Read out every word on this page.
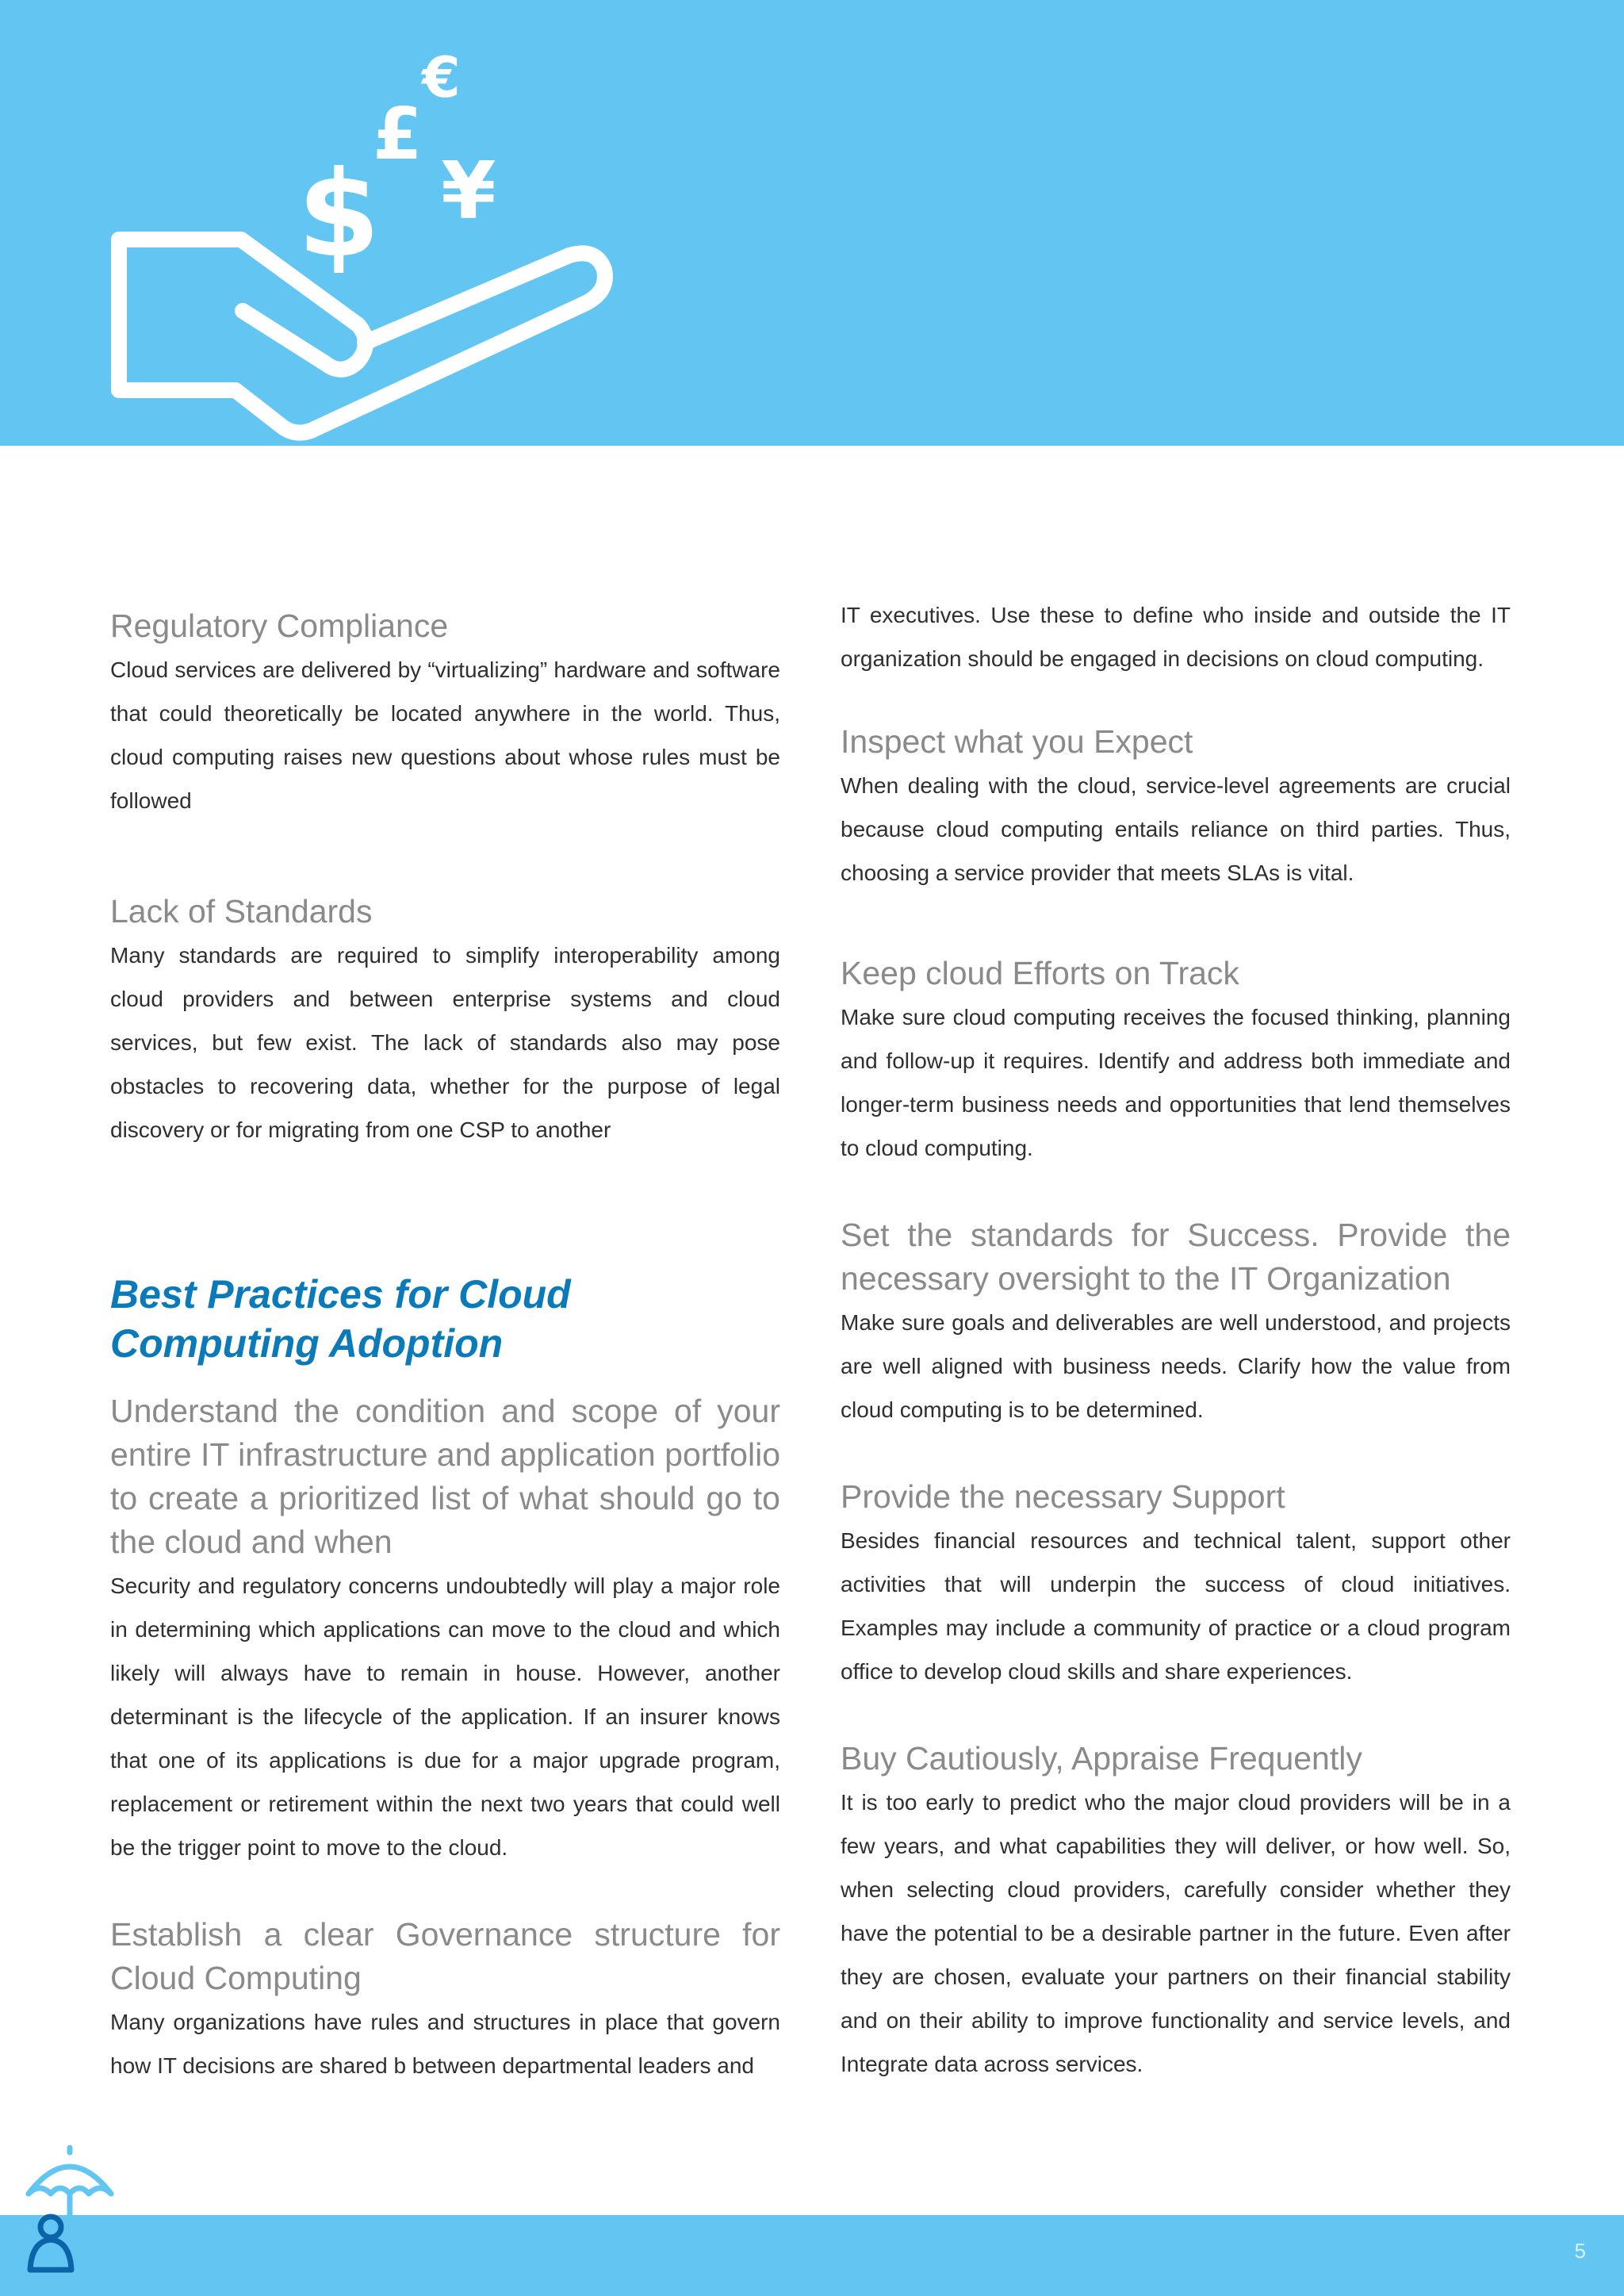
$
£
€
¥
Regulatory Compliance

Cloud services are delivered by “virtualizing” hardware and software that could theoretically be located anywhere in the world. Thus, cloud computing raises new questions about whose rules must be followed

Lack of Standards

Many standards are required to simplify interoperability among cloud providers and between enterprise systems and cloud services, but few exist. The lack of standards also may pose obstacles to recovering data, whether for the purpose of legal discovery or for migrating from one CSP to another

Best Practices for Cloud
Computing Adoption
Understand the condition and scope of your
entire IT infrastructure and application portfolio
to create a prioritized list of what should go to
the cloud and when

Security and regulatory concerns undoubtedly will play a major role in determining which applications can move to the cloud and which likely will always have to remain in house. However, another determinant is the lifecycle of the application. If an insurer knows that one of its applications is due for a major upgrade program, replacement or retirement within the next two years that could well be the trigger point to move to the cloud.

Establish a clear Governance structure for
Cloud Computing

Many organizations have rules and structures in place that govern how IT decisions are shared b between departmental leaders and

IT executives. Use these to define who inside and outside the IT organization should be engaged in decisions on cloud computing.

Inspect what you Expect

When dealing with the cloud, service-level agreements are crucial because cloud computing entails reliance on third parties. Thus, choosing a service provider that meets SLAs is vital.

Keep cloud Efforts on Track

Make sure cloud computing receives the focused thinking, planning and follow-up it requires. Identify and address both immediate and longer-term business needs and opportunities that lend themselves to cloud computing.

Set the standards for Success. Provide the
necessary oversight to the IT Organization

Make sure goals and deliverables are well understood, and projects are well aligned with business needs. Clarify how the value from cloud computing is to be determined.

Provide the necessary Support

Besides financial resources and technical talent, support other activities that will underpin the success of cloud initiatives. Examples may include a community of practice or a cloud program office to develop cloud skills and share experiences.

Buy Cautiously, Appraise Frequently

It is too early to predict who the major cloud providers will be in a few years, and what capabilities they will deliver, or how well. So, when selecting cloud providers, carefully consider whether they have the potential to be a desirable partner in the future. Even after they are chosen, evaluate your partners on their financial stability and on their ability to improve functionality and service levels, and Integrate data across services.

5
